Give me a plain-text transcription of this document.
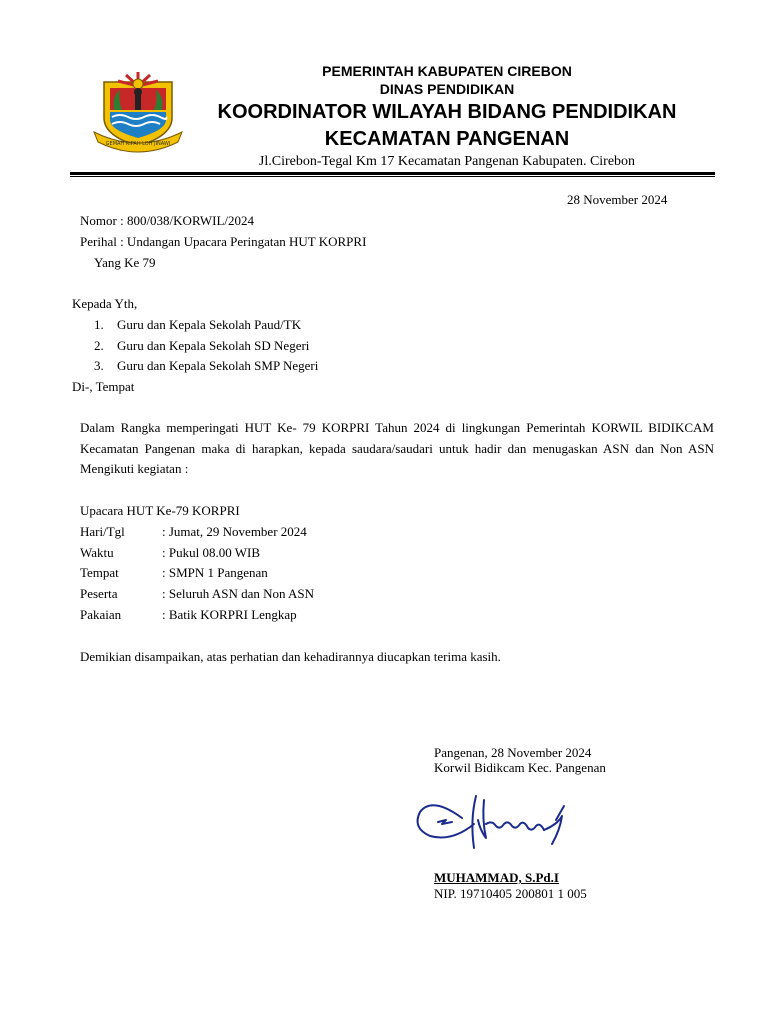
GEMAH RIPAH LOH JINAWI
PEMERINTAH KABUPATEN CIREBON
DINAS PENDIDIKAN
KOORDINATOR WILAYAH BIDANG PENDIDIKAN
KECAMATAN PANGENAN
Jl.Cirebon-Tegal Km 17 Kecamatan Pangenan Kabupaten. Cirebon
28 November 2024
Nomor : 800/038/KORWIL/2024
Perihal : Undangan Upacara Peringatan HUT KORPRI
Yang Ke 79
Kepada Yth,
1. Guru dan Kepala Sekolah Paud/TK
2. Guru dan Kepala Sekolah SD Negeri
3. Guru dan Kepala Sekolah SMP Negeri
Di-, Tempat
Dalam Rangka memperingati HUT Ke- 79 KORPRI Tahun 2024 di lingkungan Pemerintah KORWIL BIDIKCAM Kecamatan Pangenan maka di harapkan, kepada saudara/saudari untuk hadir dan menugaskan ASN dan Non ASN Mengikuti kegiatan :
Upacara HUT Ke-79 KORPRI
Hari/Tgl	: Jumat, 29 November 2024
Waktu	: Pukul 08.00 WIB
Tempat	: SMPN 1 Pangenan
Peserta	: Seluruh ASN dan Non ASN
Pakaian	: Batik KORPRI Lengkap
Demikian disampaikan, atas perhatian dan kehadirannya diucapkan terima kasih.
Pangenan, 28 November 2024
Korwil Bidikcam Kec. Pangenan
MUHAMMAD, S.Pd.I
NIP. 19710405 200801 1 005
